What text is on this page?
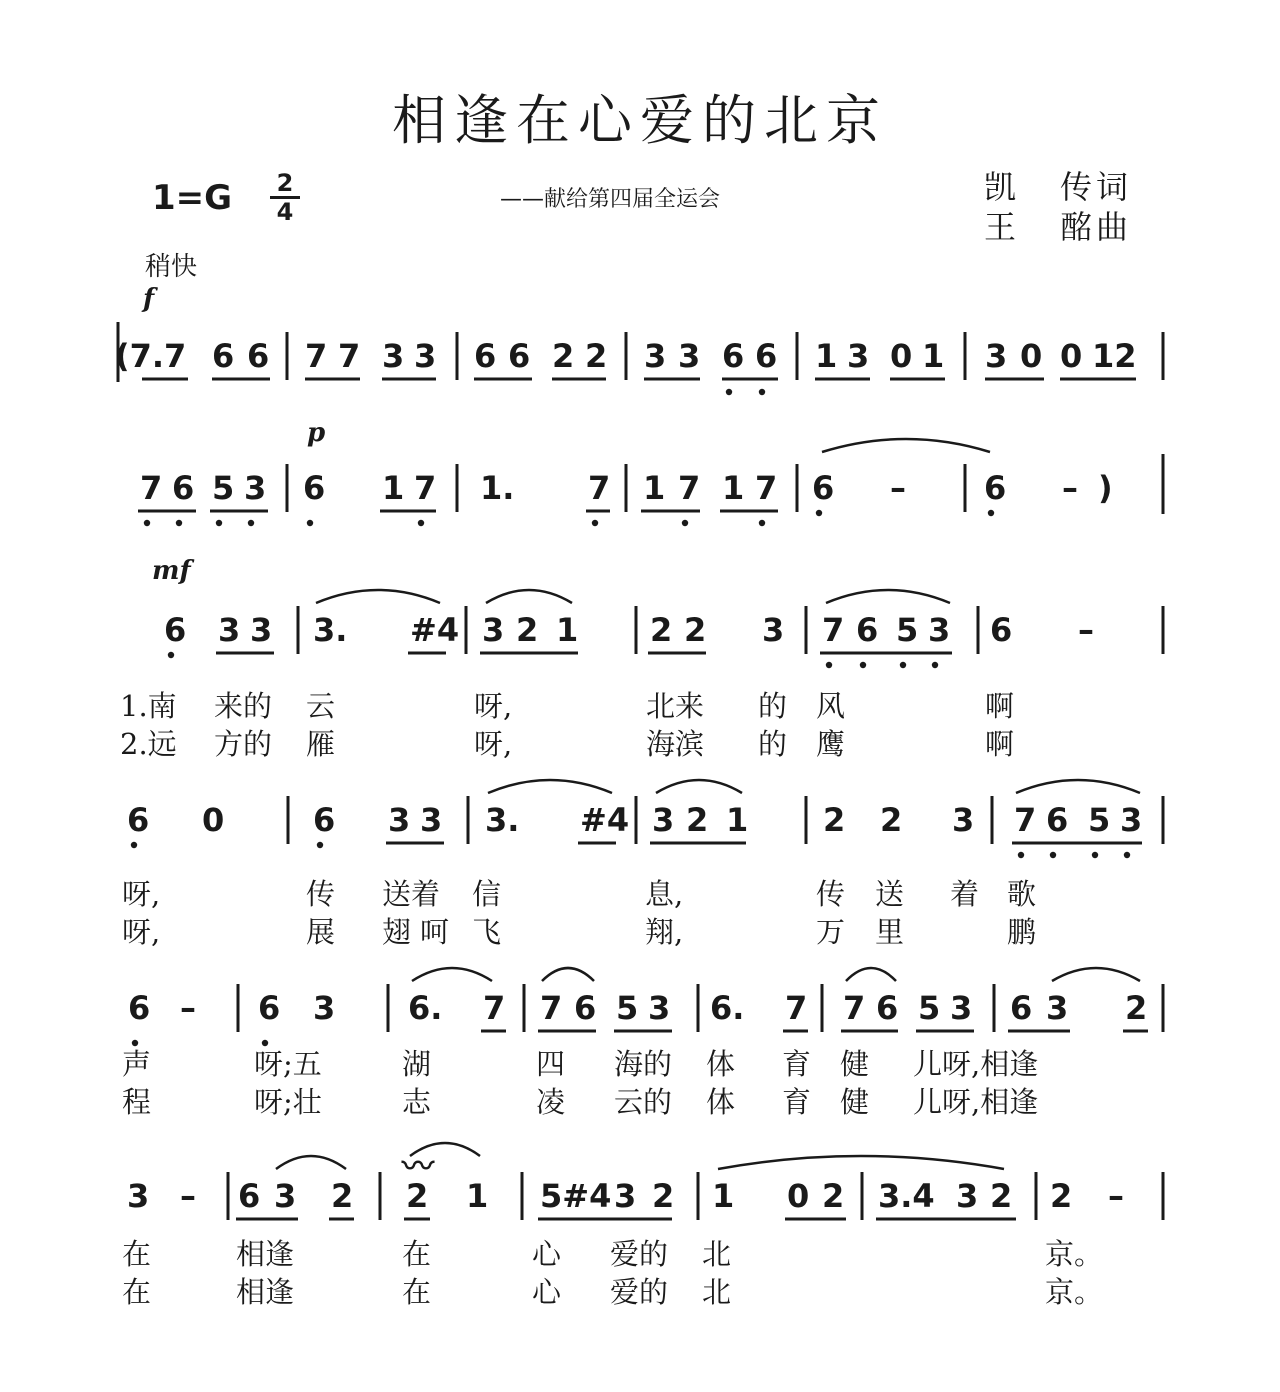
相逢在心爱的北京
1=G 2
4	——献给第四届全运会	凯 传词
王 酩曲
稍快
f
p
mf
(7.7 6 6 7 7 3 3 6 6 2 2 3 3 6 6 1 3 0 1 3 0 0 12
7 6 5 3 6 1 7 1. 7 1 7 1 7 6 – 6 – )
6 3 3 3. #4 3 2 1 2 2 3 7 6 5 3 6 –
6 0	6 3 3 3. #4 3 2 1 2 2 3 7 6 5 3
6 – 6 3 6. 7 7 6 5 3 6. 7 7 6 5 3 6 3 2
3 – 6 3 2 2 1 5#4 3 2 1 0 2 3.4 3 2 2 –
〰
1.南 来的 云	呀,	北来 的 风	啊
2.远 方的 雁	呀,	海滨 的 鹰	啊
呀,	传 送着 信	息,	传 送 着 歌
呀,	展 翅 呵 飞	翔,	万 里	鹏
声	呀;五	湖	四 海的 体 育 健 儿呀,相逢
程	呀;壮	志	凌 云的 体 育 健 儿呀,相逢
在	相逢	在	心 爱的 北	京。
在	相逢	在	心 爱的 北	京。
